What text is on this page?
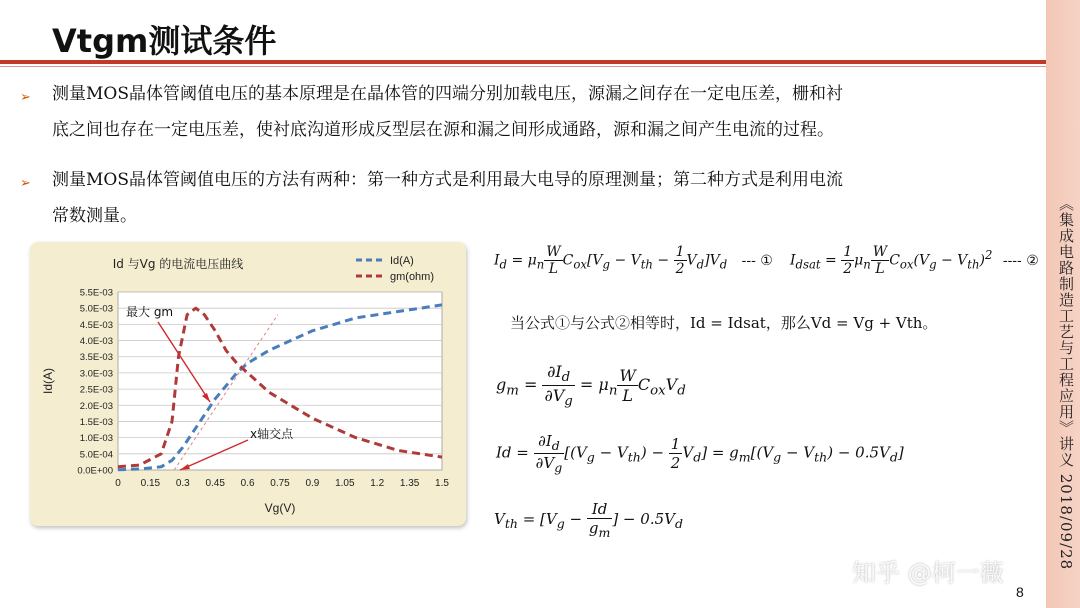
Vtgm测试条件
《集成电路制造工艺与工程应用》讲义 2018/09/28
➢ 测量MOS晶体管阈值电压的基本原理是在晶体管的四端分别加载电压，源漏之间存在一定电压差，栅和衬
底之间也存在一定电压差，使衬底沟道形成反型层在源和漏之间形成通路，源和漏之间产生电流的过程。
➢ 测量MOS晶体管阈值电压的方法有两种：第一种方式是利用最大电导的原理测量；第二种方式是利用电流
常数测量。
0.0E+00
5.0E-04
1.0E-03
1.5E-03
2.0E-03
2.5E-03
3.0E-03
3.5E-03
4.0E-03
4.5E-03
5.0E-03
5.5E-03
0 0.15 0.3 0.45 0.6 0.75 0.9 1.05 1.2 1.35 1.5
Vg(V)
Id(A)
Id 与Vg 的电流电压曲线	Id(A)
gm(ohm)
最大 gm
x轴交点
$I_d = \mu_n \frac{W}{L} C_{ox}[V_g - V_{th} - \frac{1}{2} V_d]V_d$ --- ① $I_{dsat} = \frac{1}{2} \mu_n \frac{W}{L} C_{ox}(V_g - V_{th})^2$ ---- ②
当公式①与公式②相等时，Id = Idsat，那么Vd = Vg + Vth。
$g_m = \frac{\partial I_d}{\partial V_g} = \mu_n \frac{W}{L} C_{ox}V_d$
$Id = \frac{\partial I_d}{\partial V_g} [(V_g - V_{th}) - \frac{1}{2} V_d] = g_m[(V_g - V_{th}) - 0.5V_d]$
$V_{th} = [V_g - \frac{Id}{g_m}$ ] − $0.5V_d$
知乎 @柯一薇
8
